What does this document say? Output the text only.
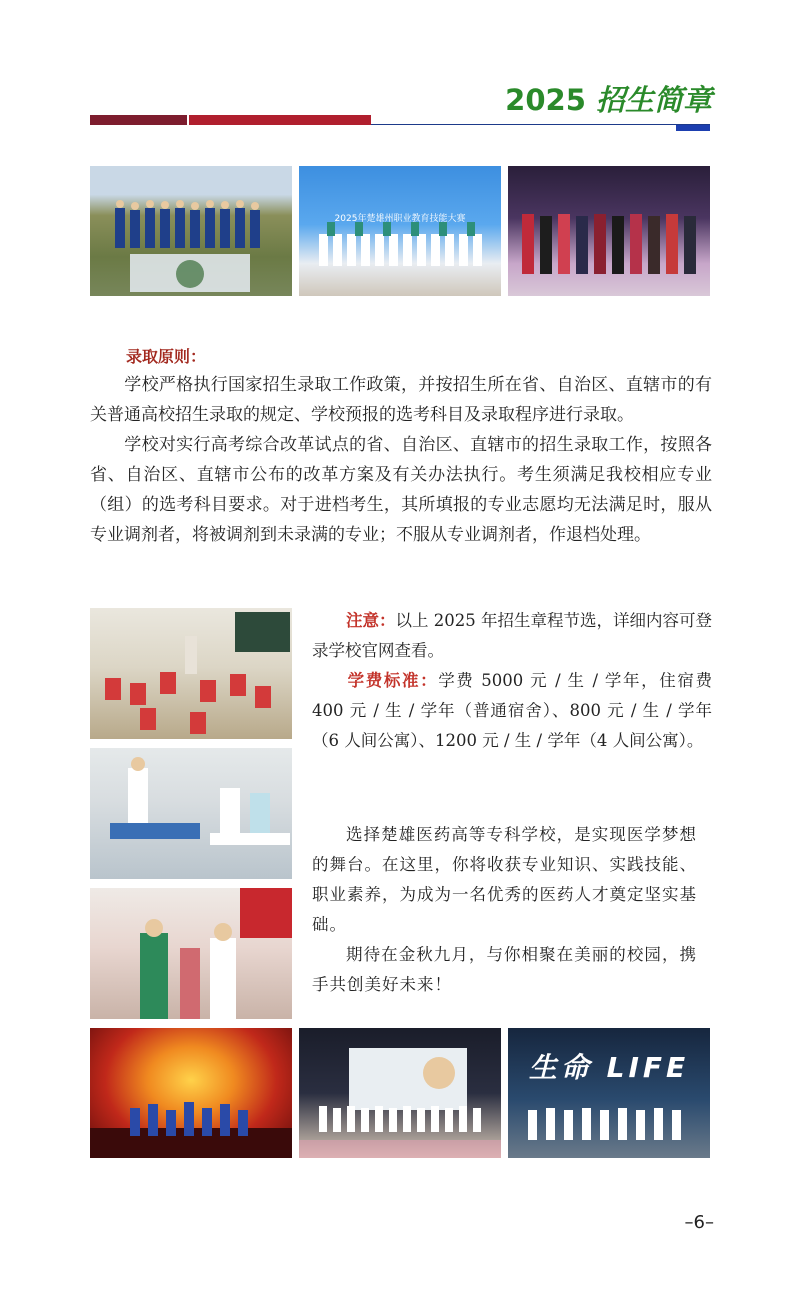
2025 招生简章
2025年楚雄州职业教育技能大赛
录取原则：
学校严格执行国家招生录取工作政策，并按招生所在省、自治区、直辖市的有关普通高校招生录取的规定、学校预报的选考科目及录取程序进行录取。
学校对实行高考综合改革试点的省、自治区、直辖市的招生录取工作，按照各省、自治区、直辖市公布的改革方案及有关办法执行。考生须满足我校相应专业（组）的选考科目要求。对于进档考生，其所填报的专业志愿均无法满足时，服从专业调剂者，将被调剂到未录满的专业；不服从专业调剂者，作退档处理。
注意：以上 2025 年招生章程节选，详细内容可登录学校官网查看。
学费标准：学费 5000 元 / 生 / 学年，住宿费 400 元 / 生 / 学年（普通宿舍）、800 元 / 生 / 学年（6 人间公寓）、1200 元 / 生 / 学年（4 人间公寓）。
选择楚雄医药高等专科学校，是实现医学梦想的舞台。在这里，你将收获专业知识、实践技能、职业素养，为成为一名优秀的医药人才奠定坚实基础。
期待在金秋九月，与你相聚在美丽的校园，携手共创美好未来！
生命 LIFE
–6–
